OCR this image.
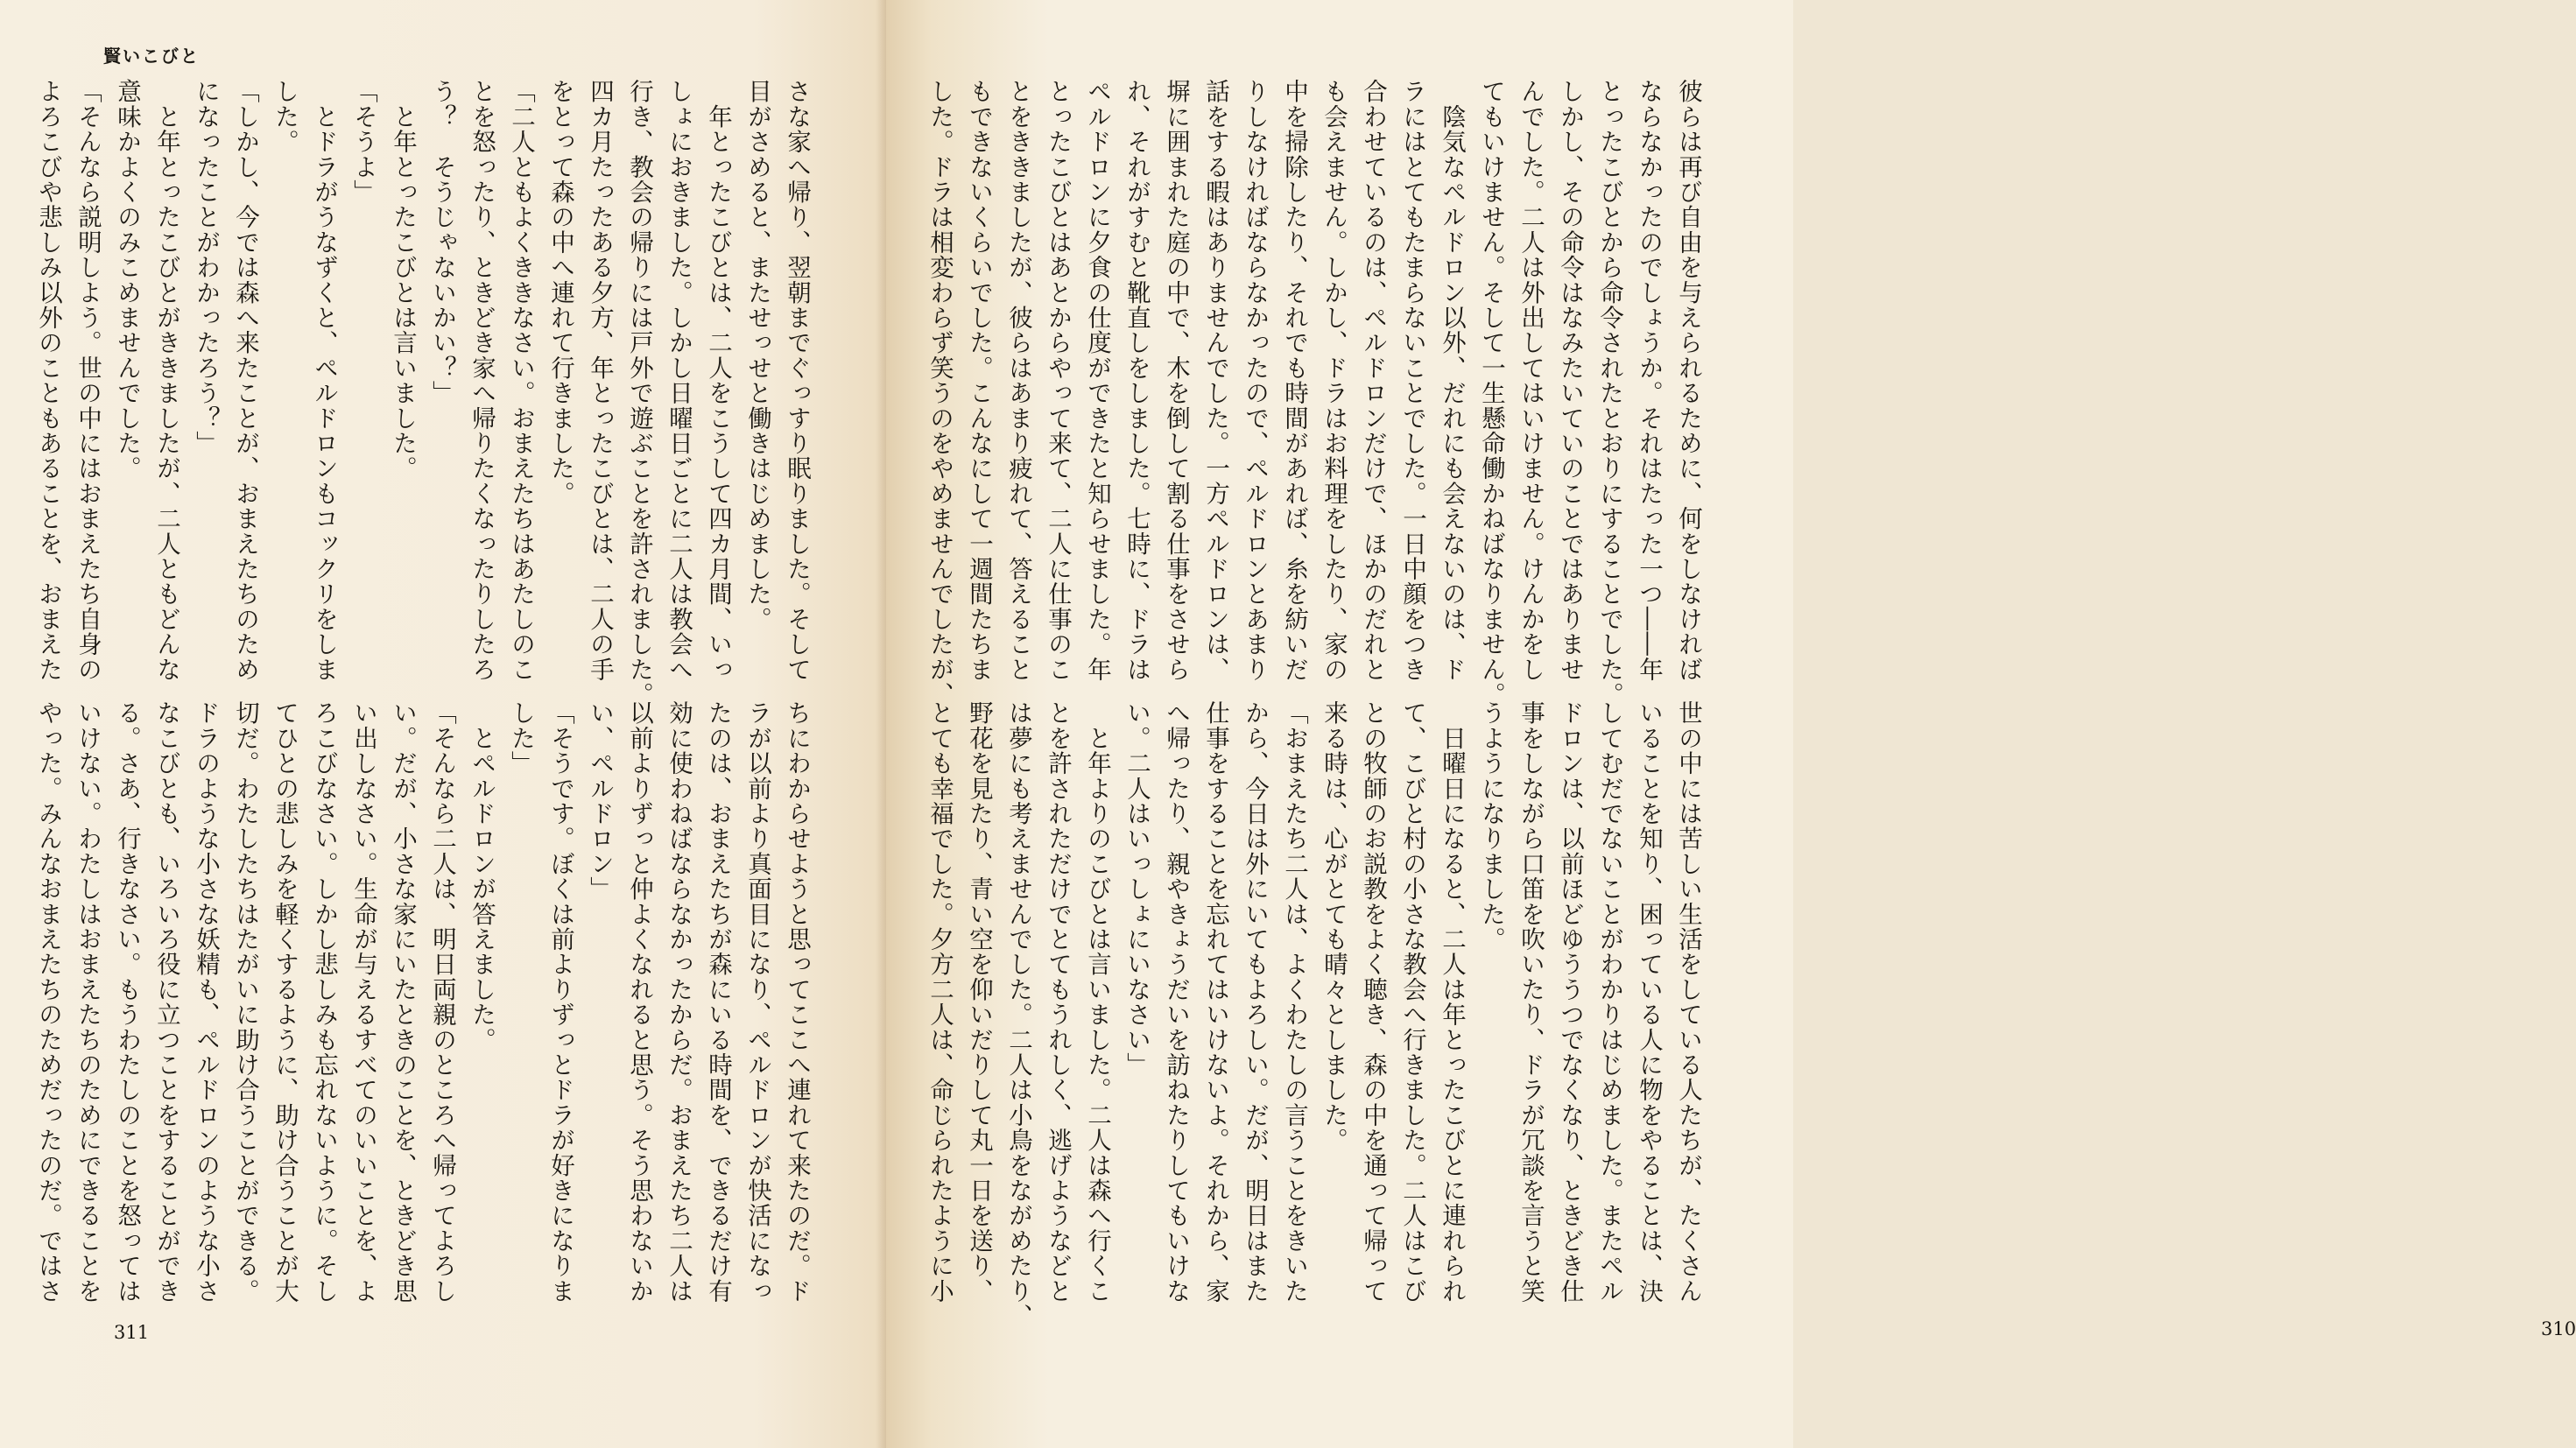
賢いこびと
さな家へ帰り、翌朝までぐっすり眠りました。そして
目がさめると、またせっせと働きはじめました。
　年とったこびとは、二人をこうして四カ月間、いっ
しょにおきました。しかし日曜日ごとに二人は教会へ
行き、教会の帰りには戸外で遊ぶことを許されました。
四カ月たったある夕方、年とったこびとは、二人の手
をとって森の中へ連れて行きました。
「二人ともよくききなさい。おまえたちはあたしのこ
とを怒ったり、ときどき家へ帰りたくなったりしたろ
う？　そうじゃないかい？」
　と年とったこびとは言いました。
「そうよ」
　とドラがうなずくと、ペルドロンもコックリをしま
した。
「しかし、今では森へ来たことが、おまえたちのため
になったことがわかったろう？」
　と年とったこびとがききましたが、二人ともどんな
意味かよくのみこめませんでした。
「そんなら説明しよう。世の中にはおまえたち自身の
よろこびや悲しみ以外のこともあることを、おまえた
ちにわからせようと思ってここへ連れて来たのだ。ド
ラが以前より真面目になり、ペルドロンが快活になっ
たのは、おまえたちが森にいる時間を、できるだけ有
効に使わねばならなかったからだ。おまえたち二人は
以前よりずっと仲よくなれると思う。そう思わないか
い、ペルドロン」
「そうです。ぼくは前よりずっとドラが好きになりま
した」
　とペルドロンが答えました。
「そんなら二人は、明日両親のところへ帰ってよろし
い。だが、小さな家にいたときのことを、ときどき思
い出しなさい。生命が与えるすべてのいいことを、よ
ろこびなさい。しかし悲しみも忘れないように。そし
てひとの悲しみを軽くするように、助け合うことが大
切だ。わたしたちはたがいに助け合うことができる。
ドラのような小さな妖精も、ペルドロンのような小さ
なこびとも、いろいろ役に立つことをすることができ
る。さあ、行きなさい。もうわたしのことを怒っては
いけない。わたしはおまえたちのためにできることを
やった。みんなおまえたちのためだったのだ。ではさ
311
彼らは再び自由を与えられるために、何をしなければ
ならなかったのでしょうか。それはたった一つ――年
とったこびとから命令されたとおりにすることでした。
しかし、その命令はなみたいていのことではありませ
んでした。二人は外出してはいけません。けんかをし
てもいけません。そして一生懸命働かねばなりません。
　陰気なペルドロン以外、だれにも会えないのは、ド
ラにはとてもたまらないことでした。一日中顔をつき
合わせているのは、ペルドロンだけで、ほかのだれと
も会えません。しかし、ドラはお料理をしたり、家の
中を掃除したり、それでも時間があれば、糸を紡いだ
りしなければならなかったので、ペルドロンとあまり
話をする暇はありませんでした。一方ペルドロンは、
塀に囲まれた庭の中で、木を倒して割る仕事をさせら
れ、それがすむと靴直しをしました。七時に、ドラは
ペルドロンに夕食の仕度ができたと知らせました。年
とったこびとはあとからやって来て、二人に仕事のこ
とをききましたが、彼らはあまり疲れて、答えること
もできないくらいでした。こんなにして一週間たちま
した。ドラは相変わらず笑うのをやめませんでしたが、
世の中には苦しい生活をしている人たちが、たくさん
いることを知り、困っている人に物をやることは、決
してむだでないことがわかりはじめました。またペル
ドロンは、以前ほどゆううつでなくなり、ときどき仕
事をしながら口笛を吹いたり、ドラが冗談を言うと笑
うようになりました。
　日曜日になると、二人は年とったこびとに連れられ
て、こびと村の小さな教会へ行きました。二人はこび
との牧師のお説教をよく聴き、森の中を通って帰って
来る時は、心がとても晴々としました。
「おまえたち二人は、よくわたしの言うことをきいた
から、今日は外にいてもよろしい。だが、明日はまた
仕事をすることを忘れてはいけないよ。それから、家
へ帰ったり、親やきょうだいを訪ねたりしてもいけな
い。二人はいっしょにいなさい」
　と年よりのこびとは言いました。二人は森へ行くこ
とを許されただけでとてもうれしく、逃げようなどと
は夢にも考えませんでした。二人は小鳥をながめたり、
野花を見たり、青い空を仰いだりして丸一日を送り、
とても幸福でした。夕方二人は、命じられたように小
310
